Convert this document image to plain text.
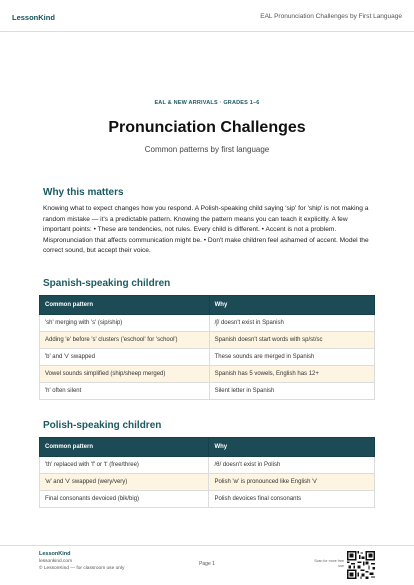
LessonKind	EAL Pronunciation Challenges by First Language
EAL & NEW ARRIVALS · GRADES 1–6
Pronunciation Challenges
Common patterns by first language
Why this matters
Knowing what to expect changes how you respond. A Polish-speaking child saying 'sip' for 'ship' is not making a random mistake — it's a predictable pattern. Knowing the pattern means you can teach it explicitly. A few important points: • These are tendencies, not rules. Every child is different. • Accent is not a problem. Mispronunciation that affects communication might be. • Don't make children feel ashamed of accent. Model the correct sound, but accept their voice.
Spanish-speaking children
Common pattern	Why
'sh' merging with 's' (sip/ship)	/ʃ/ doesn't exist in Spanish
Adding 'e' before 's' clusters ('eschool' for 'school')	Spanish doesn't start words with sp/st/sc
'b' and 'v' swapped	These sounds are merged in Spanish
Vowel sounds simplified (ship/sheep merged)	Spanish has 5 vowels, English has 12+
'h' often silent	Silent letter in Spanish
Polish-speaking children
Common pattern	Why
'th' replaced with 'f' or 't' (free/three)	/θ/ doesn't exist in Polish
'w' and 'v' swapped (wery/very)	Polish 'w' is pronounced like English 'v'
Final consonants devoiced (bik/big)	Polish devoices final consonants
LessonKind
lessonkind.com
© LessonKind — for classroom use only
Page 1	Scan for more free use
